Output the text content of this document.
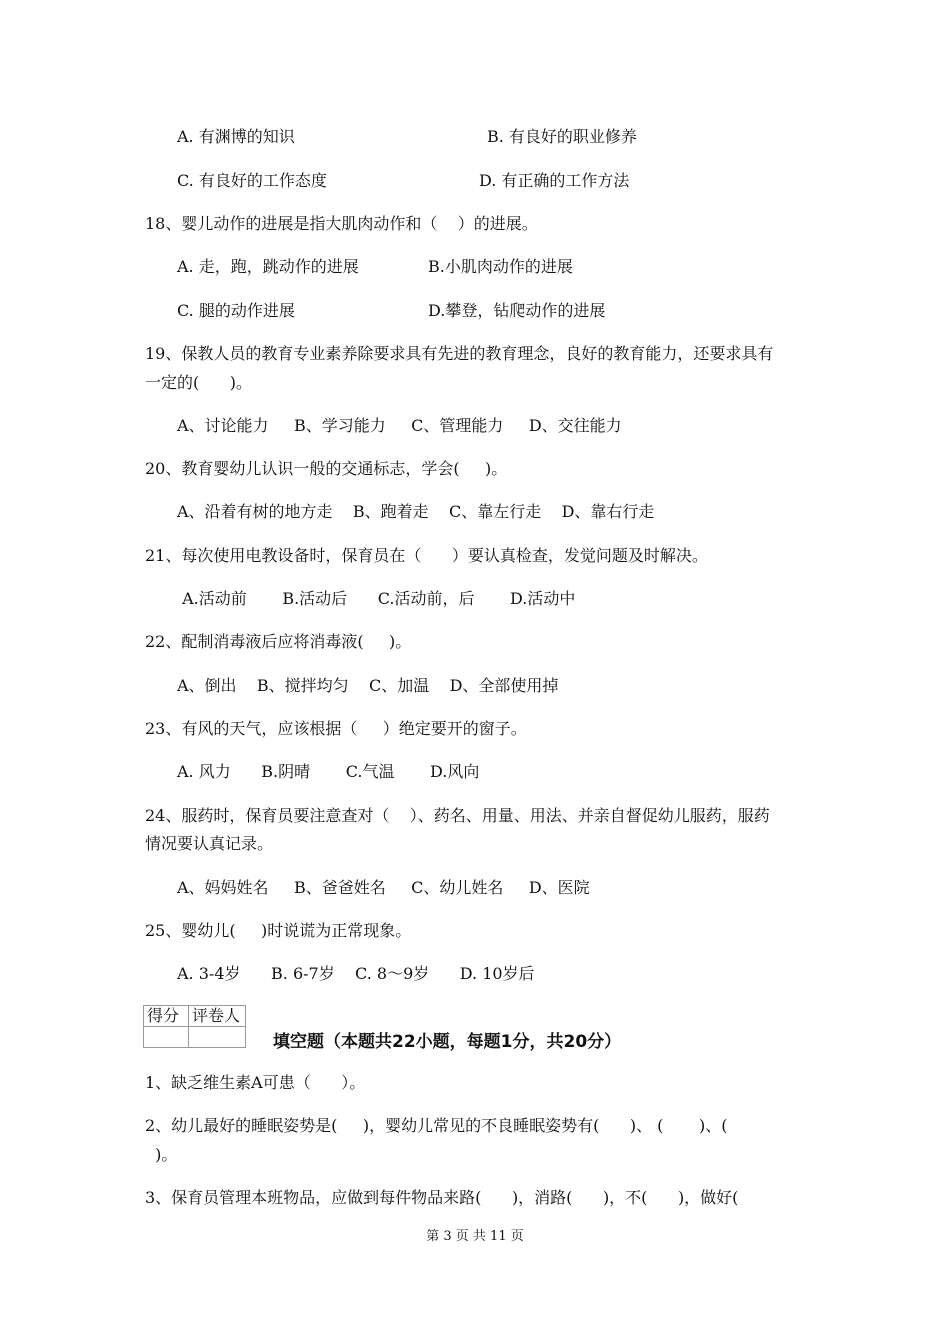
A. 有渊博的知识	B. 有良好的职业修养
C. 有良好的工作态度	D. 有正确的工作方法
18、婴儿动作的进展是指大肌肉动作和（    ）的进展。
A. 走，跑，跳动作的进展	B.小肌肉动作的进展
C. 腿的动作进展	D.攀登，钻爬动作的进展
19、保教人员的教育专业素养除要求具有先进的教育理念，良好的教育能力，还要求具有
一定的(      )。
A、讨论能力     B、学习能力     C、管理能力     D、交往能力
20、教育婴幼儿认识一般的交通标志，学会(     )。
A、沿着有树的地方走    B、跑着走    C、靠左行走    D、靠右行走
21、每次使用电教设备时，保育员在（      ）要认真检查，发觉问题及时解决。
A.活动前       B.活动后      C.活动前，后       D.活动中
22、配制消毒液后应将消毒液(     )。
A、倒出    B、搅拌均匀    C、加温    D、全部使用掉
23、有风的天气，应该根据（     ）绝定要开的窗子。
A. 风力      B.阴晴       C.气温       D.风向
24、服药时，保育员要注意查对（    ）、药名、用量、用法、并亲自督促幼儿服药，服药
情况要认真记录。
A、妈妈姓名     B、爸爸姓名     C、幼儿姓名     D、医院
25、婴幼儿(     )时说谎为正常现象。
A. 3-4岁      B. 6-7岁    C. 8～9岁      D. 10岁后
得分	评卷人

填空题（本题共22小题，每题1分，共20分）
1、缺乏维生素A可患（      ）。
2、幼儿最好的睡眠姿势是(     )，婴幼儿常见的不良睡眠姿势有(      )、 (       )、(
)。
3、保育员管理本班物品，应做到每件物品来路(      )，消路(      )，不(      )，做好(
第 3 页 共 11 页
